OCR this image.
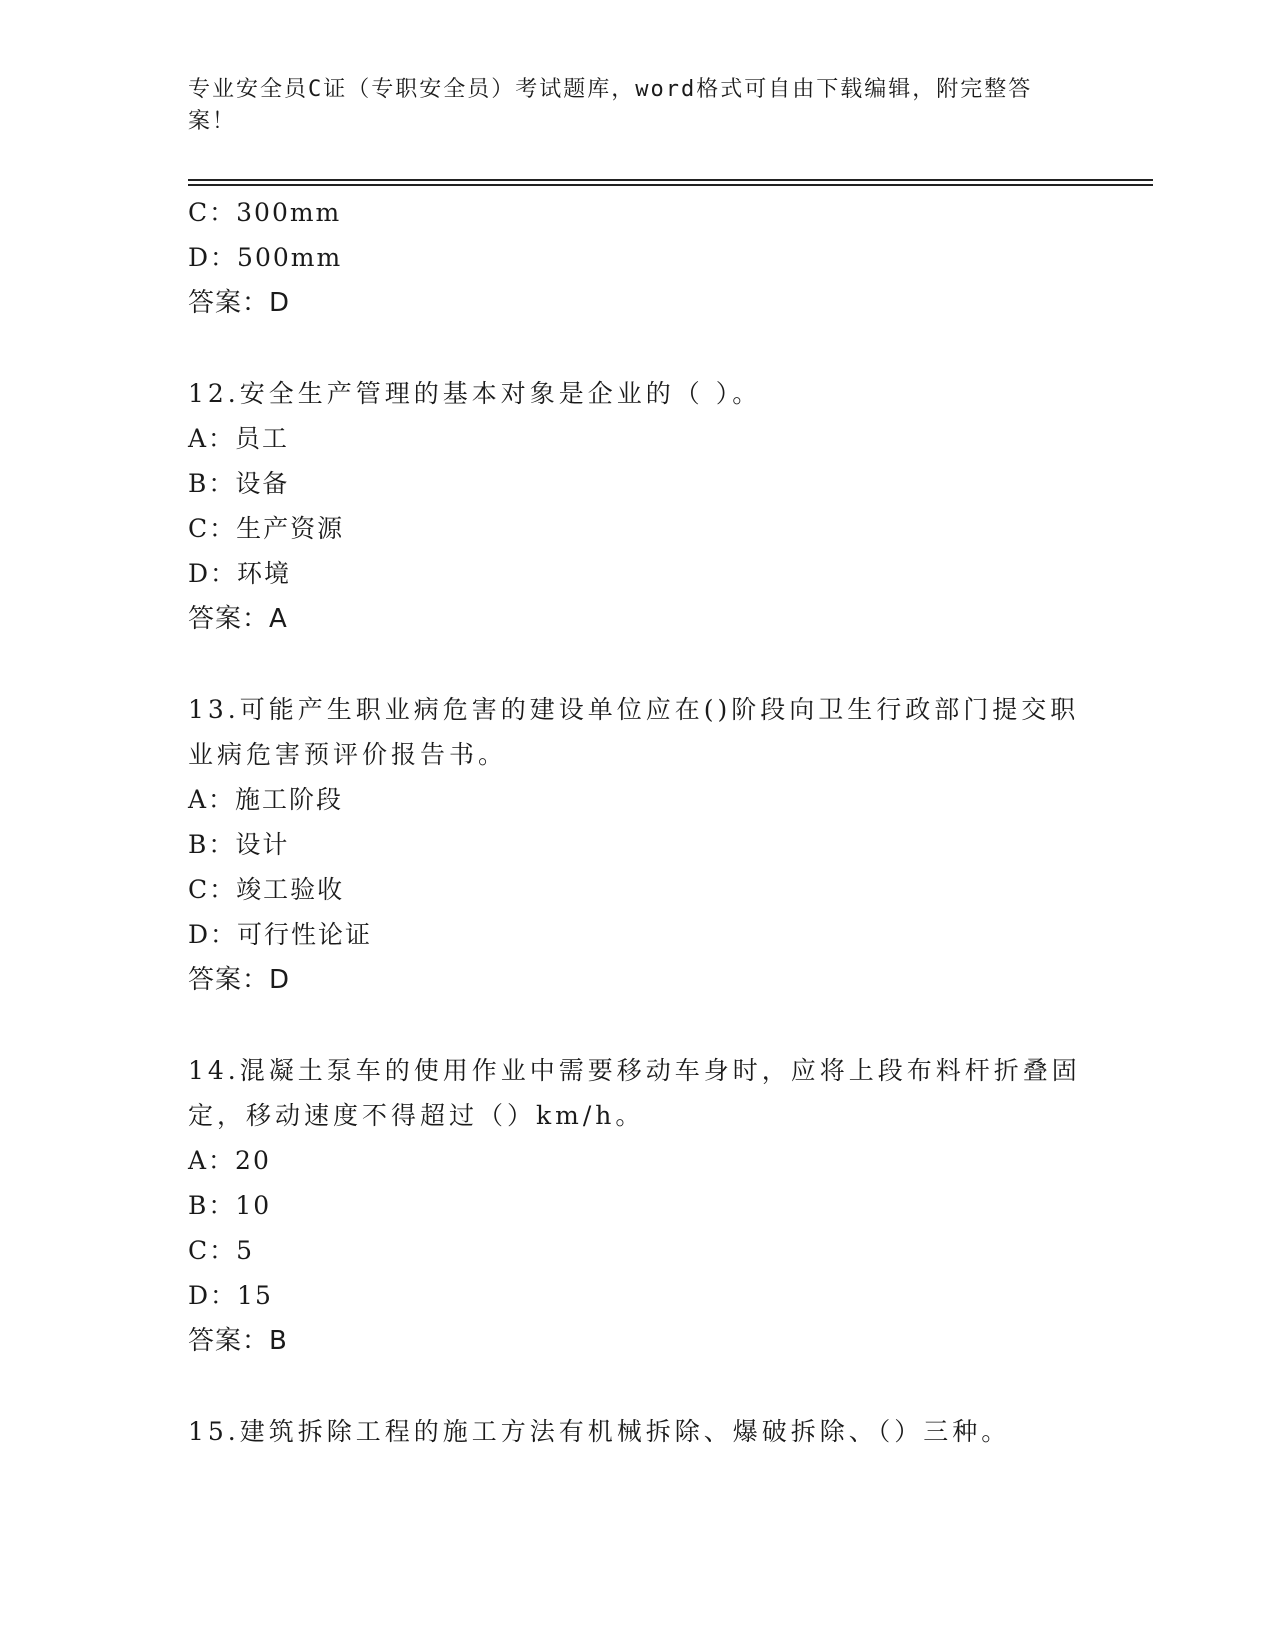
专业安全员C证（专职安全员）考试题库，word格式可自由下载编辑，附完整答案！
C：300mm
D：500mm
答案：D
12.安全生产管理的基本对象是企业的（ ）。
A：员工
B：设备
C：生产资源
D：环境
答案：A
13.可能产生职业病危害的建设单位应在()阶段向卫生行政部门提交职业病危害预评价报告书。
A：施工阶段
B：设计
C：竣工验收
D：可行性论证
答案：D
14.混凝土泵车的使用作业中需要移动车身时，应将上段布料杆折叠固定，移动速度不得超过（）km/h。
A：20
B：10
C：5
D：15
答案：B
15.建筑拆除工程的施工方法有机械拆除、爆破拆除、（）三种。
